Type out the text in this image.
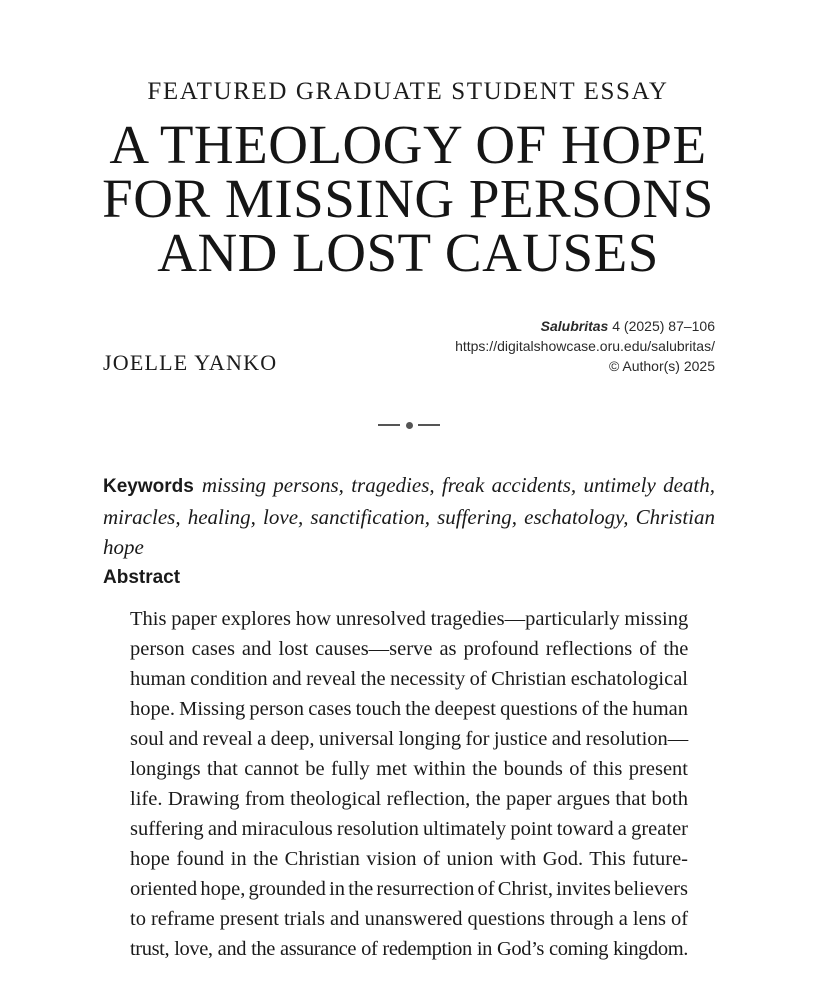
FEATURED GRADUATE STUDENT ESSAY
A THEOLOGY OF HOPE
FOR MISSING PERSONS
AND LOST CAUSES
JOELLE YANKO
Salubritas 4 (2025) 87–106
https://digitalshowcase.oru.edu/salubritas/
© Author(s) 2025
Keywords missing persons, tragedies, freak accidents, untimely death, miracles, healing, love, sanctification, suffering, eschatology, Christian hope
Abstract
This paper explores how unresolved tragedies—particularly missing
person cases and lost causes—serve as profound reflections of the
human condition and reveal the necessity of Christian eschatological
hope. Missing person cases touch the deepest questions of the human
soul and reveal a deep, universal longing for justice and resolution—
longings that cannot be fully met within the bounds of this present
life. Drawing from theological reflection, the paper argues that both
suffering and miraculous resolution ultimately point toward a greater
hope found in the Christian vision of union with God. This future-
oriented hope, grounded in the resurrection of Christ, invites believers
to reframe present trials and unanswered questions through a lens of
trust, love, and the assurance of redemption in God’s coming kingdom.
